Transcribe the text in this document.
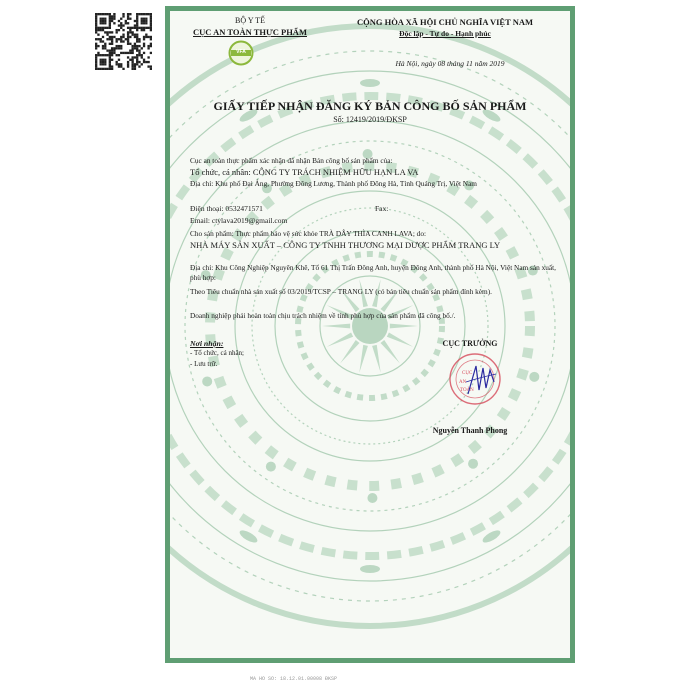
BỘ Y TẾ
CỤC AN TOÀN THỰC PHẨM
VFA
CỘNG HÒA XÃ HỘI CHỦ NGHĨA VIỆT NAM
Độc lập - Tự do - Hạnh phúc
Hà Nội, ngày 08 tháng 11 năm 2019
GIẤY TIẾP NHẬN ĐĂNG KÝ BẢN CÔNG BỐ SẢN PHẨM
Số: 12419/2019/ĐKSP
Cục an toàn thực phẩm xác nhận đã nhận Bản công bố sản phẩm của:
Tổ chức, cá nhân: CÔNG TY TRÁCH NHIỆM HỮU HẠN LA VA
Địa chỉ: Khu phố Đại Áng, Phường Đông Lương, Thành phố Đông Hà, Tỉnh Quảng Trị, Việt Nam
Điện thoại: 0532471571	Fax:
Email: ctylava2019@gmail.com
Cho sản phẩm: Thực phẩm bảo vệ sức khỏe TRÀ DÂY THÌA CANH LAVA; do:
NHÀ MÁY SẢN XUẤT – CÔNG TY TNHH THƯƠNG MẠI DƯỢC PHẨM TRANG LY
Địa chỉ: Khu Công Nghiệp Nguyên Khê, Tổ 61 Thị Trấn Đông Anh, huyện Đông Anh, thành phố Hà Nội, Việt Nam sản xuất, phù hợp:
Theo Tiêu chuẩn nhà sản xuất số 03/2019/TCSP – TRANG LY (có bản tiêu chuẩn sản phẩm đính kèm).
Doanh nghiệp phải hoàn toàn chịu trách nhiệm về tính phù hợp của sản phẩm đã công bố./.
Nơi nhận:
- Tổ chức, cá nhân;
- Lưu trữ.
CỤC TRƯỞNG
Nguyễn Thanh Phong
CỤC
AN
TOÀN
MA HO SO: 18.12.01.00008 ĐKSP
